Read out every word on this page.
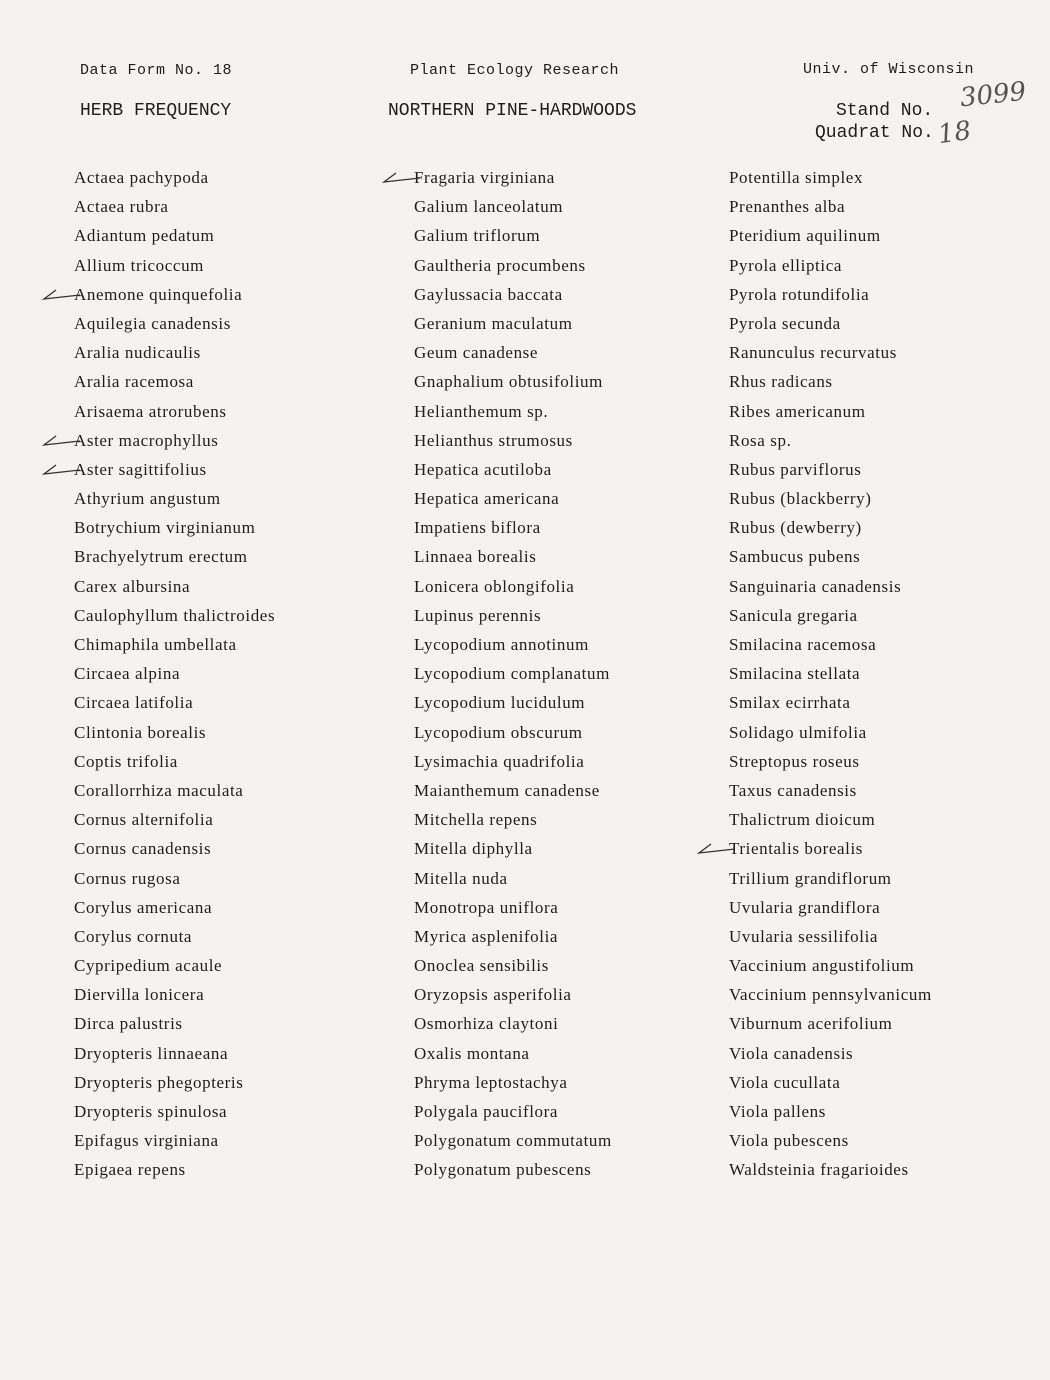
Data Form No. 18	Plant Ecology Research	Univ. of Wisconsin
HERB FREQUENCY	NORTHERN PINE-HARDWOODS	Stand No. 3099
Quadrat No. 18
Actaea pachypoda
Actaea rubra
Adiantum pedatum
Allium tricoccum
Anemone quinquefolia
Aquilegia canadensis
Aralia nudicaulis
Aralia racemosa
Arisaema atrorubens
Aster macrophyllus
Aster sagittifolius
Athyrium angustum
Botrychium virginianum
Brachyelytrum erectum
Carex albursina
Caulophyllum thalictroides
Chimaphila umbellata
Circaea alpina
Circaea latifolia
Clintonia borealis
Coptis trifolia
Corallorrhiza maculata
Cornus alternifolia
Cornus canadensis
Cornus rugosa
Corylus americana
Corylus cornuta
Cypripedium acaule
Diervilla lonicera
Dirca palustris
Dryopteris linnaeana
Dryopteris phegopteris
Dryopteris spinulosa
Epifagus virginiana
Epigaea repens
Fragaria virginiana
Galium lanceolatum
Galium triflorum
Gaultheria procumbens
Gaylussacia baccata
Geranium maculatum
Geum canadense
Gnaphalium obtusifolium
Helianthemum sp.
Helianthus strumosus
Hepatica acutiloba
Hepatica americana
Impatiens biflora
Linnaea borealis
Lonicera oblongifolia
Lupinus perennis
Lycopodium annotinum
Lycopodium complanatum
Lycopodium lucidulum
Lycopodium obscurum
Lysimachia quadrifolia
Maianthemum canadense
Mitchella repens
Mitella diphylla
Mitella nuda
Monotropa uniflora
Myrica asplenifolia
Onoclea sensibilis
Oryzopsis asperifolia
Osmorhiza claytoni
Oxalis montana
Phryma leptostachya
Polygala pauciflora
Polygonatum commutatum
Polygonatum pubescens
Potentilla simplex
Prenanthes alba
Pteridium aquilinum
Pyrola elliptica
Pyrola rotundifolia
Pyrola secunda
Ranunculus recurvatus
Rhus radicans
Ribes americanum
Rosa sp.
Rubus parviflorus
Rubus (blackberry)
Rubus (dewberry)
Sambucus pubens
Sanguinaria canadensis
Sanicula gregaria
Smilacina racemosa
Smilacina stellata
Smilax ecirrhata
Solidago ulmifolia
Streptopus roseus
Taxus canadensis
Thalictrum dioicum
Trientalis borealis
Trillium grandiflorum
Uvularia grandiflora
Uvularia sessilifolia
Vaccinium angustifolium
Vaccinium pennsylvanicum
Viburnum acerifolium
Viola canadensis
Viola cucullata
Viola pallens
Viola pubescens
Waldsteinia fragarioides
